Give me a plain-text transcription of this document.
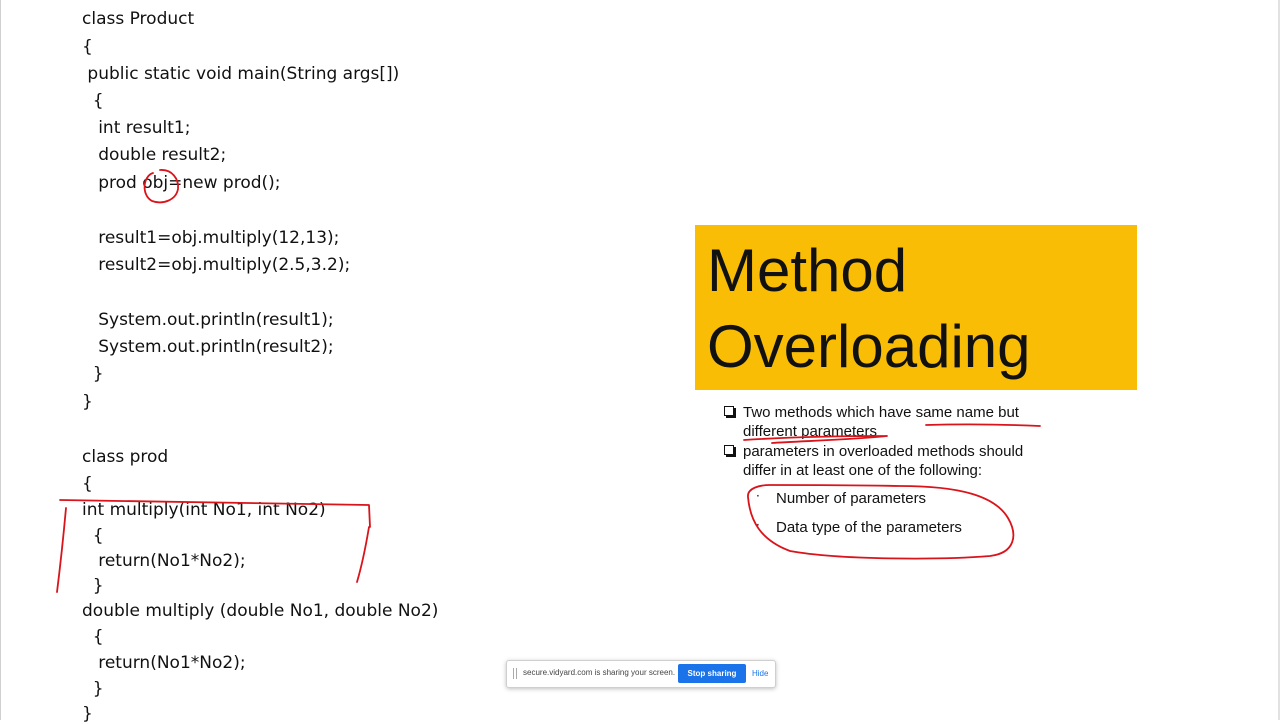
class Product
{
public static void main(String args[])
{
int result1;
double result2;
prod obj=new prod();
result1=obj.multiply(12,13);
result2=obj.multiply(2.5,3.2);
System.out.println(result1);
System.out.println(result2);
}
}
class prod
{
int multiply(int No1, int No2)
{
return(No1*No2);
}
double multiply (double No1, double No2)
{
return(No1*No2);
}
}
Method
Overloading
Two methods which have same name but
different parameters
parameters in overloaded methods should
differ in at least one of the following:
· Number of parameters
· Data type of the parameters
secure.vidyard.com is sharing your screen.	Stop sharing	Hide
